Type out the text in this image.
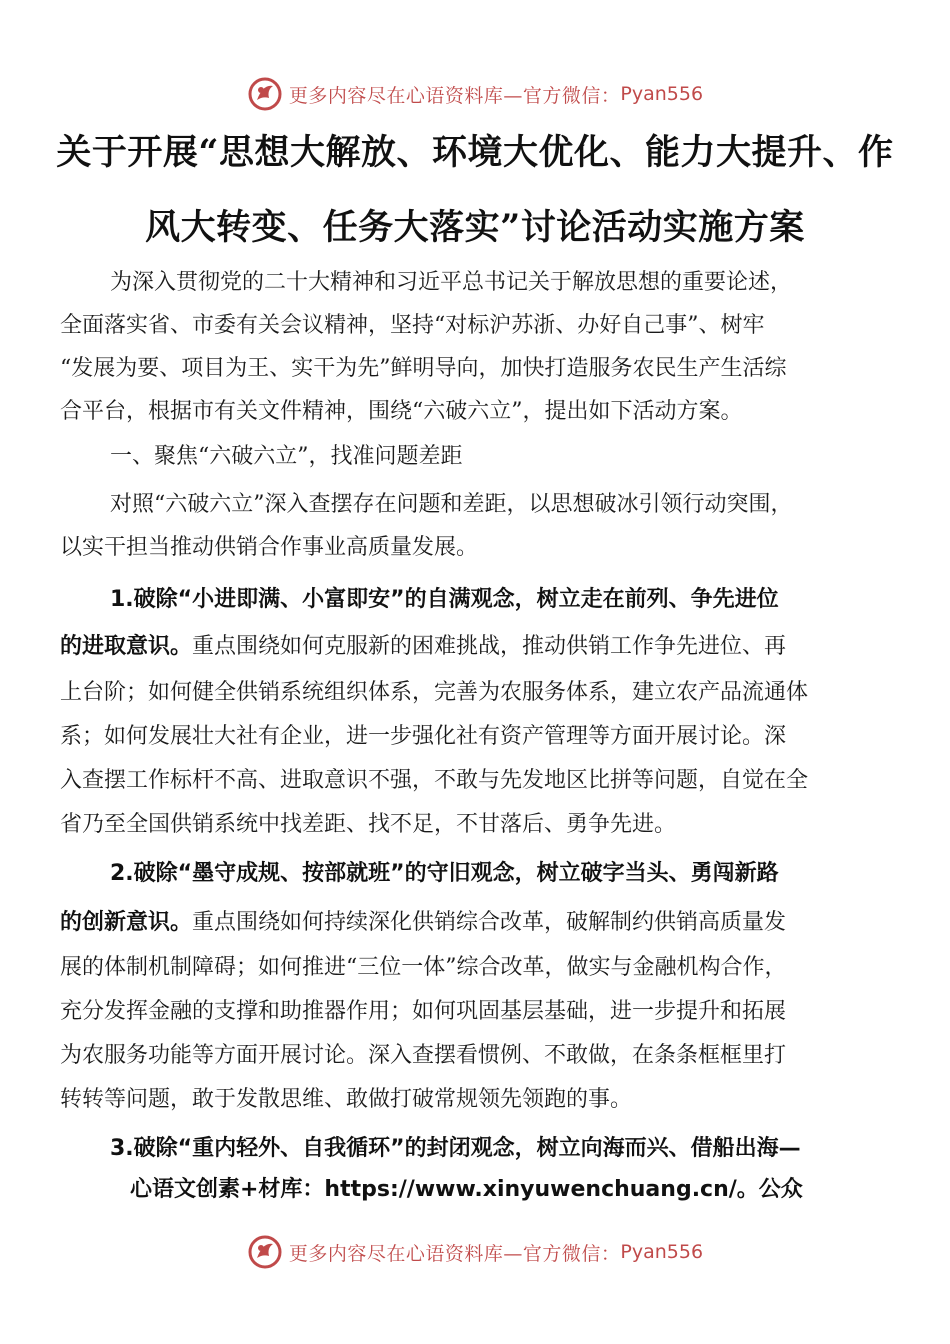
更多内容尽在心语资料库—官方微信： Pyan556
关于开展“思想大解放、环境大优化、能力大提升、作
风大转变、任务大落实”讨论活动实施方案
为深入贯彻党的二十大精神和习近平总书记关于解放思想的重要论述，
全面落实省、市委有关会议精神，坚持“对标沪苏浙、办好自己事”、树牢
“发展为要、项目为王、实干为先”鲜明导向，加快打造服务农民生产生活综
合平台，根据市有关文件精神，围绕“六破六立”，提出如下活动方案。
一、聚焦“六破六立”，找准问题差距
对照“六破六立”深入查摆存在问题和差距，以思想破冰引领行动突围，
以实干担当推动供销合作事业高质量发展。
1.破除“小进即满、小富即安”的自满观念，树立走在前列、争先进位
的进取意识。重点围绕如何克服新的困难挑战，推动供销工作争先进位、再
上台阶；如何健全供销系统组织体系，完善为农服务体系，建立农产品流通体
系；如何发展壮大社有企业，进一步强化社有资产管理等方面开展讨论。深
入查摆工作标杆不高、进取意识不强，不敢与先发地区比拼等问题，自觉在全
省乃至全国供销系统中找差距、找不足，不甘落后、勇争先进。
2.破除“墨守成规、按部就班”的守旧观念，树立破字当头、勇闯新路
的创新意识。重点围绕如何持续深化供销综合改革，破解制约供销高质量发
展的体制机制障碍；如何推进“三位一体”综合改革，做实与金融机构合作，
充分发挥金融的支撑和助推器作用；如何巩固基层基础，进一步提升和拓展
为农服务功能等方面开展讨论。深入查摆看惯例、不敢做，在条条框框里打
转转等问题，敢于发散思维、敢做打破常规领先领跑的事。
3.破除“重内轻外、自我循环”的封闭观念，树立向海而兴、借船出海—
心语文创素+材库：https://www.xinyuwenchuang.cn/。公众
更多内容尽在心语资料库—官方微信： Pyan556
